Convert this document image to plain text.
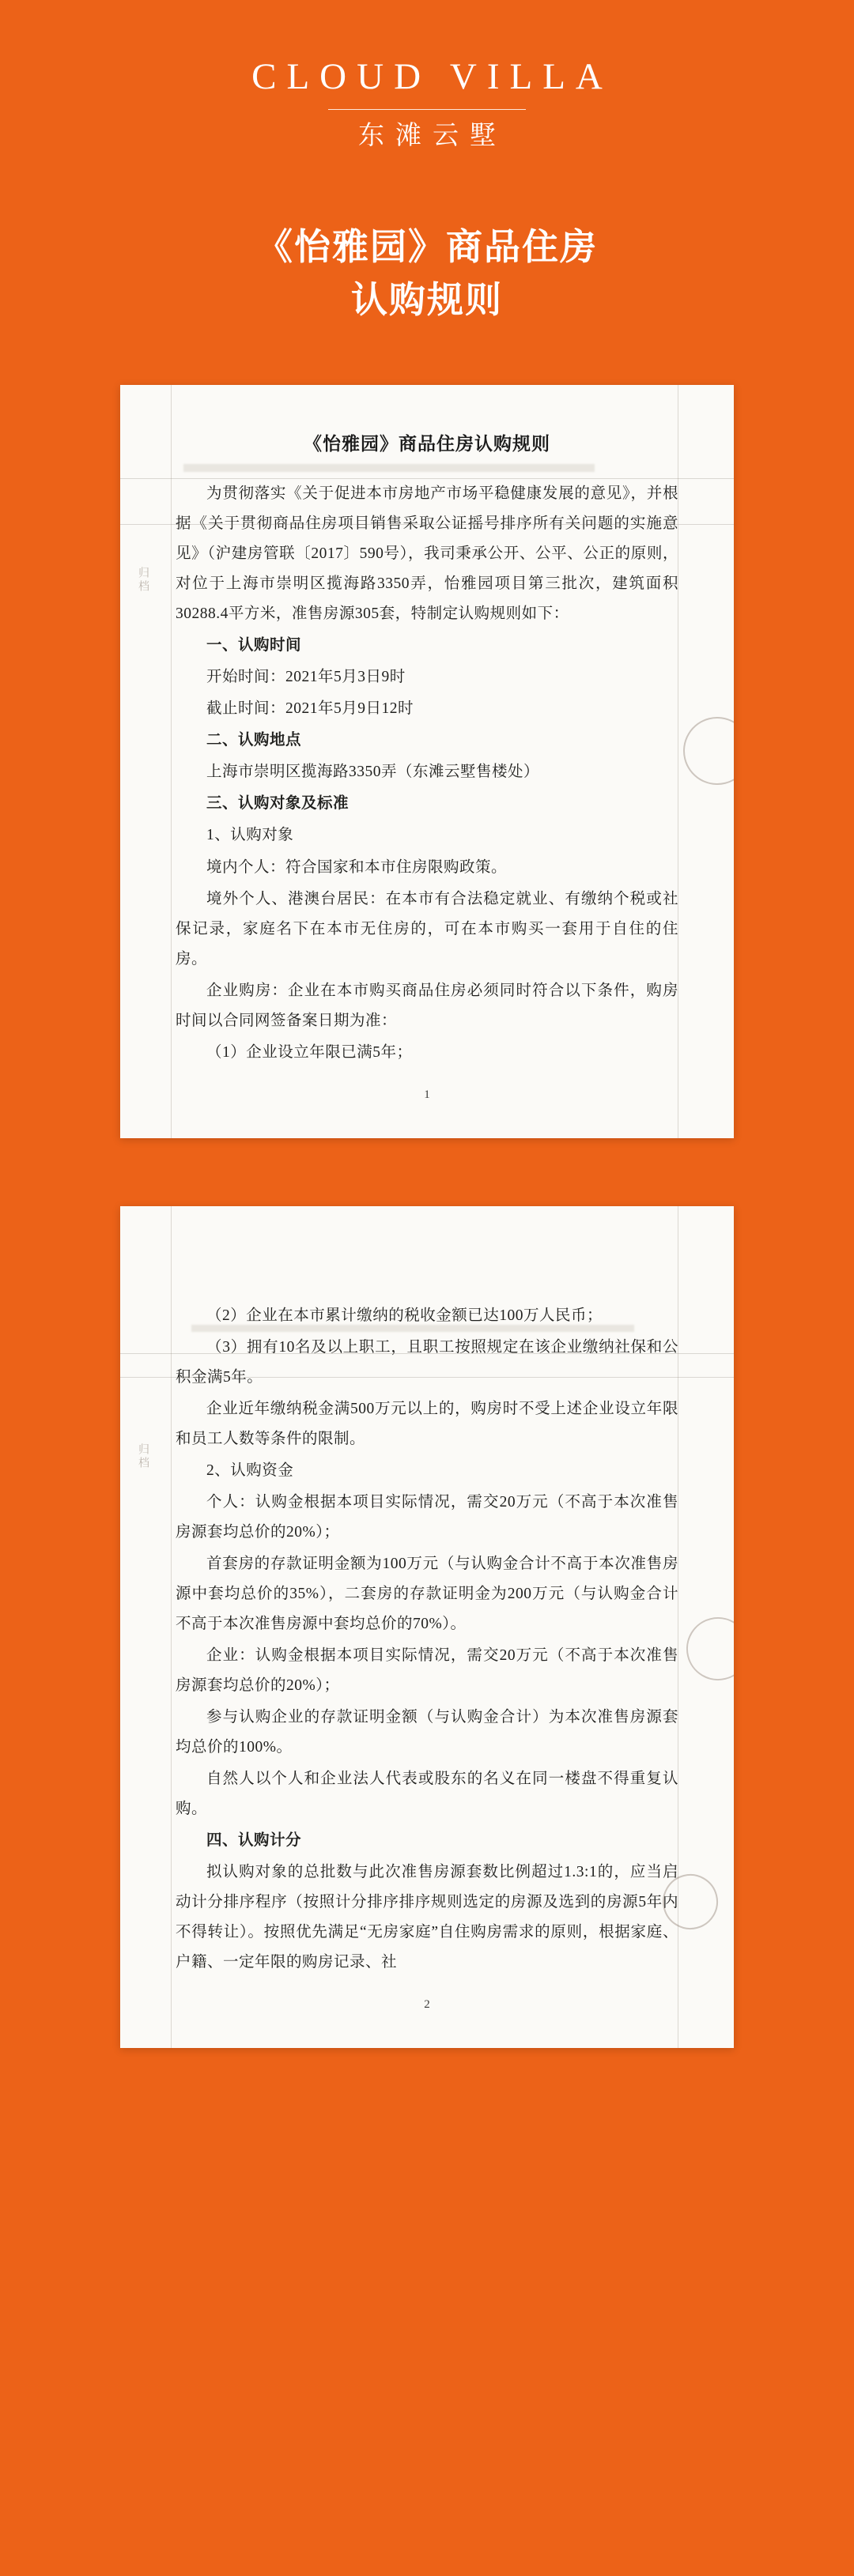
CLOUD VILLA
东滩云墅
《怡雅园》商品住房
认购规则
归档
《怡雅园》商品住房认购规则

为贯彻落实《关于促进本市房地产市场平稳健康发展的意见》，并根据《关于贯彻商品住房项目销售采取公证摇号排序所有关问题的实施意见》（沪建房管联〔2017〕590号），我司秉承公开、公平、公正的原则，对位于上海市崇明区揽海路3350弄，怡雅园项目第三批次，建筑面积30288.4平方米，准售房源305套，特制定认购规则如下：

一、认购时间

开始时间：2021年5月3日9时

截止时间：2021年5月9日12时

二、认购地点

上海市崇明区揽海路3350弄（东滩云墅售楼处）

三、认购对象及标准

1、认购对象

境内个人：符合国家和本市住房限购政策。

境外个人、港澳台居民：在本市有合法稳定就业、有缴纳个税或社保记录，家庭名下在本市无住房的，可在本市购买一套用于自住的住房。

企业购房：企业在本市购买商品住房必须同时符合以下条件，购房时间以合同网签备案日期为准：

（1）企业设立年限已满5年；

1
归档

（2）企业在本市累计缴纳的税收金额已达100万人民币；

（3）拥有10名及以上职工，且职工按照规定在该企业缴纳社保和公积金满5年。

企业近年缴纳税金满500万元以上的，购房时不受上述企业设立年限和员工人数等条件的限制。

2、认购资金

个人：认购金根据本项目实际情况，需交20万元（不高于本次准售房源套均总价的20%）；

首套房的存款证明金额为100万元（与认购金合计不高于本次准售房源中套均总价的35%），二套房的存款证明金为200万元（与认购金合计不高于本次准售房源中套均总价的70%）。

企业：认购金根据本项目实际情况，需交20万元（不高于本次准售房源套均总价的20%）；

参与认购企业的存款证明金额（与认购金合计）为本次准售房源套均总价的100%。

自然人以个人和企业法人代表或股东的名义在同一楼盘不得重复认购。

四、认购计分

拟认购对象的总批数与此次准售房源套数比例超过1.3:1的，应当启动计分排序程序（按照计分排序排序规则选定的房源及选到的房源5年内不得转让）。按照优先满足“无房家庭”自住购房需求的原则，根据家庭、户籍、一定年限的购房记录、社

2
